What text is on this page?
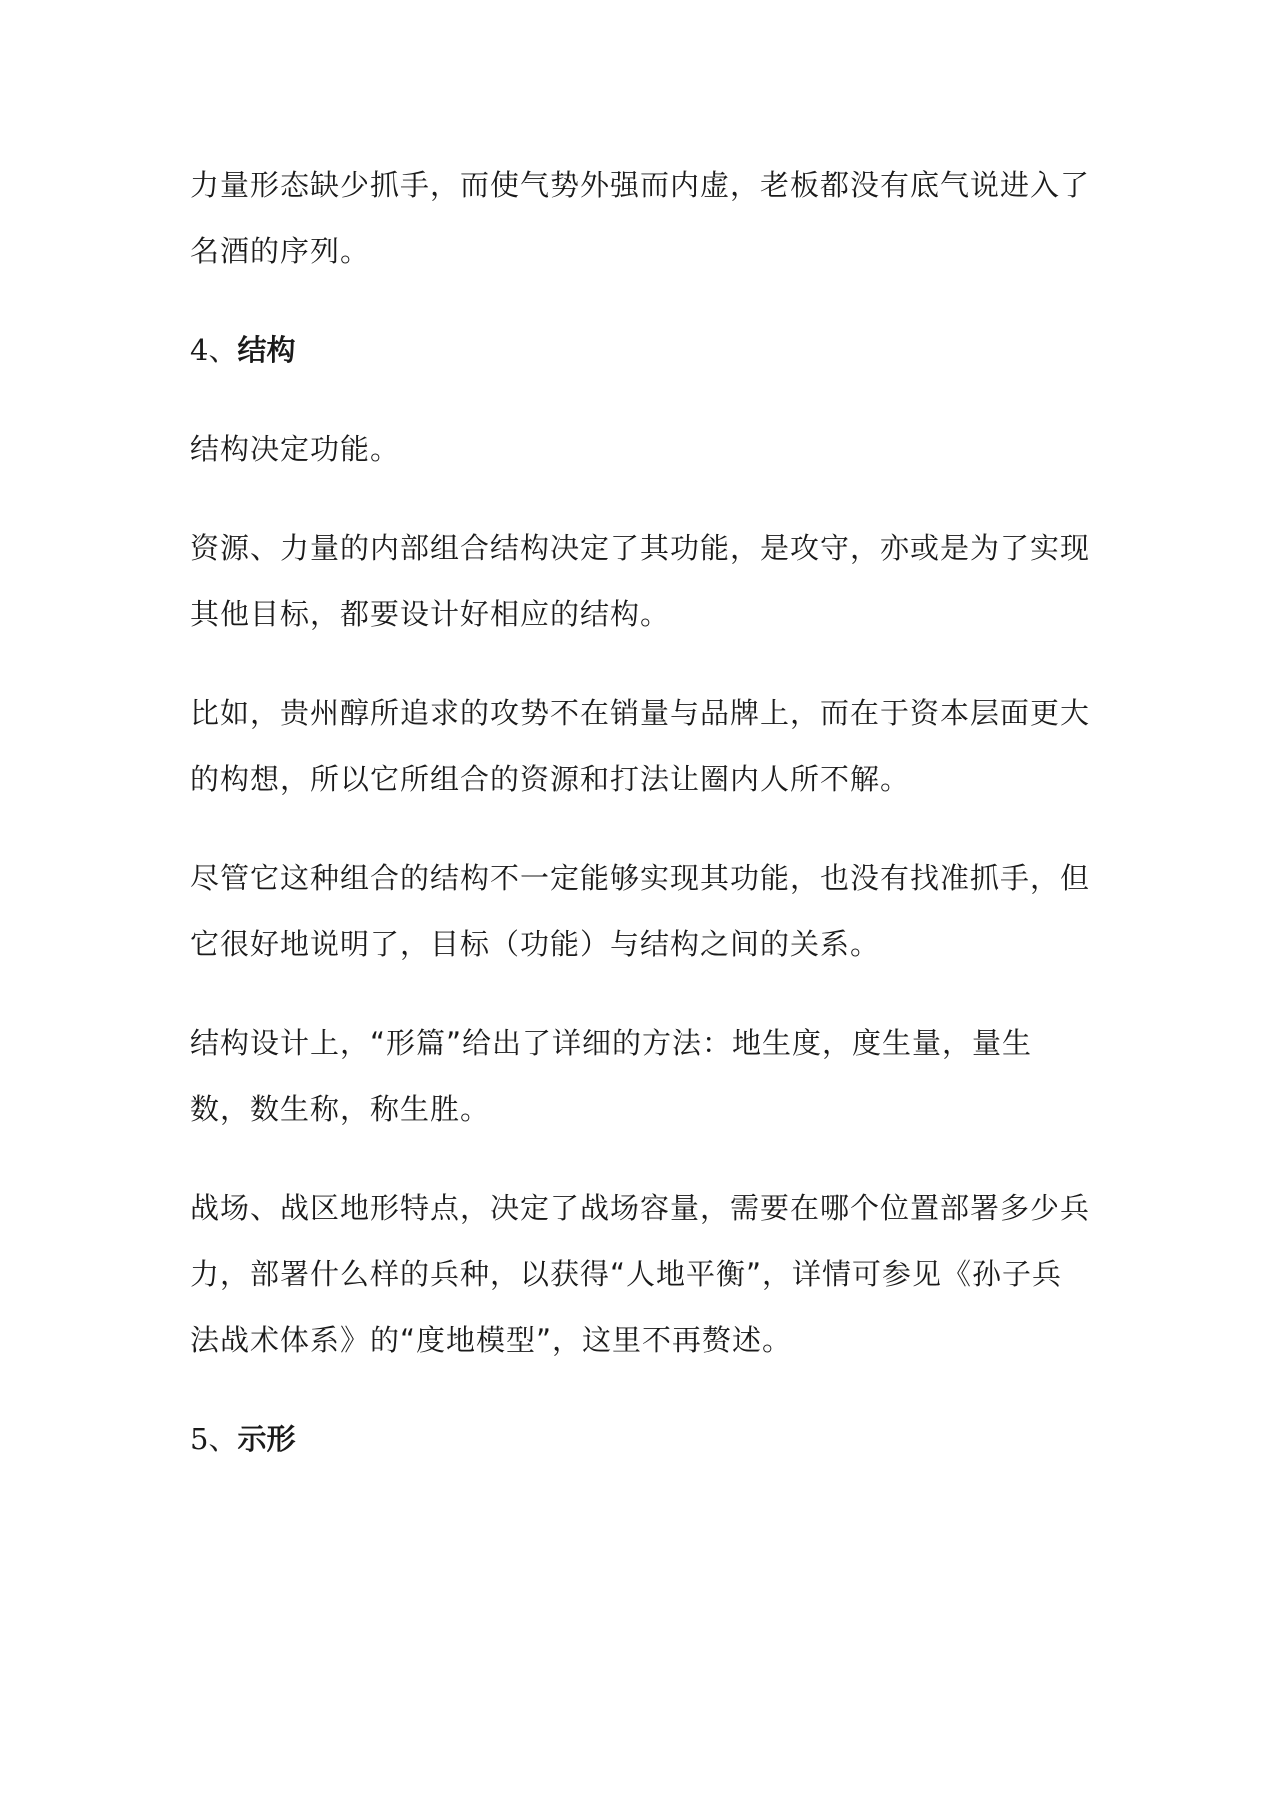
力量形态缺少抓手，而使气势外强而内虚，老板都没有底气说进入了名酒的序列。

4、结构

结构决定功能。

资源、力量的内部组合结构决定了其功能，是攻守，亦或是为了实现其他目标，都要设计好相应的结构。

比如，贵州醇所追求的攻势不在销量与品牌上，而在于资本层面更大的构想，所以它所组合的资源和打法让圈内人所不解。

尽管它这种组合的结构不一定能够实现其功能，也没有找准抓手，但它很好地说明了，目标（功能）与结构之间的关系。

结构设计上，“形篇”给出了详细的方法：地生度，度生量，量生数，数生称，称生胜。

战场、战区地形特点，决定了战场容量，需要在哪个位置部署多少兵力，部署什么样的兵种，以获得“人地平衡”，详情可参见《孙子兵法战术体系》的“度地模型”，这里不再赘述。

5、示形
